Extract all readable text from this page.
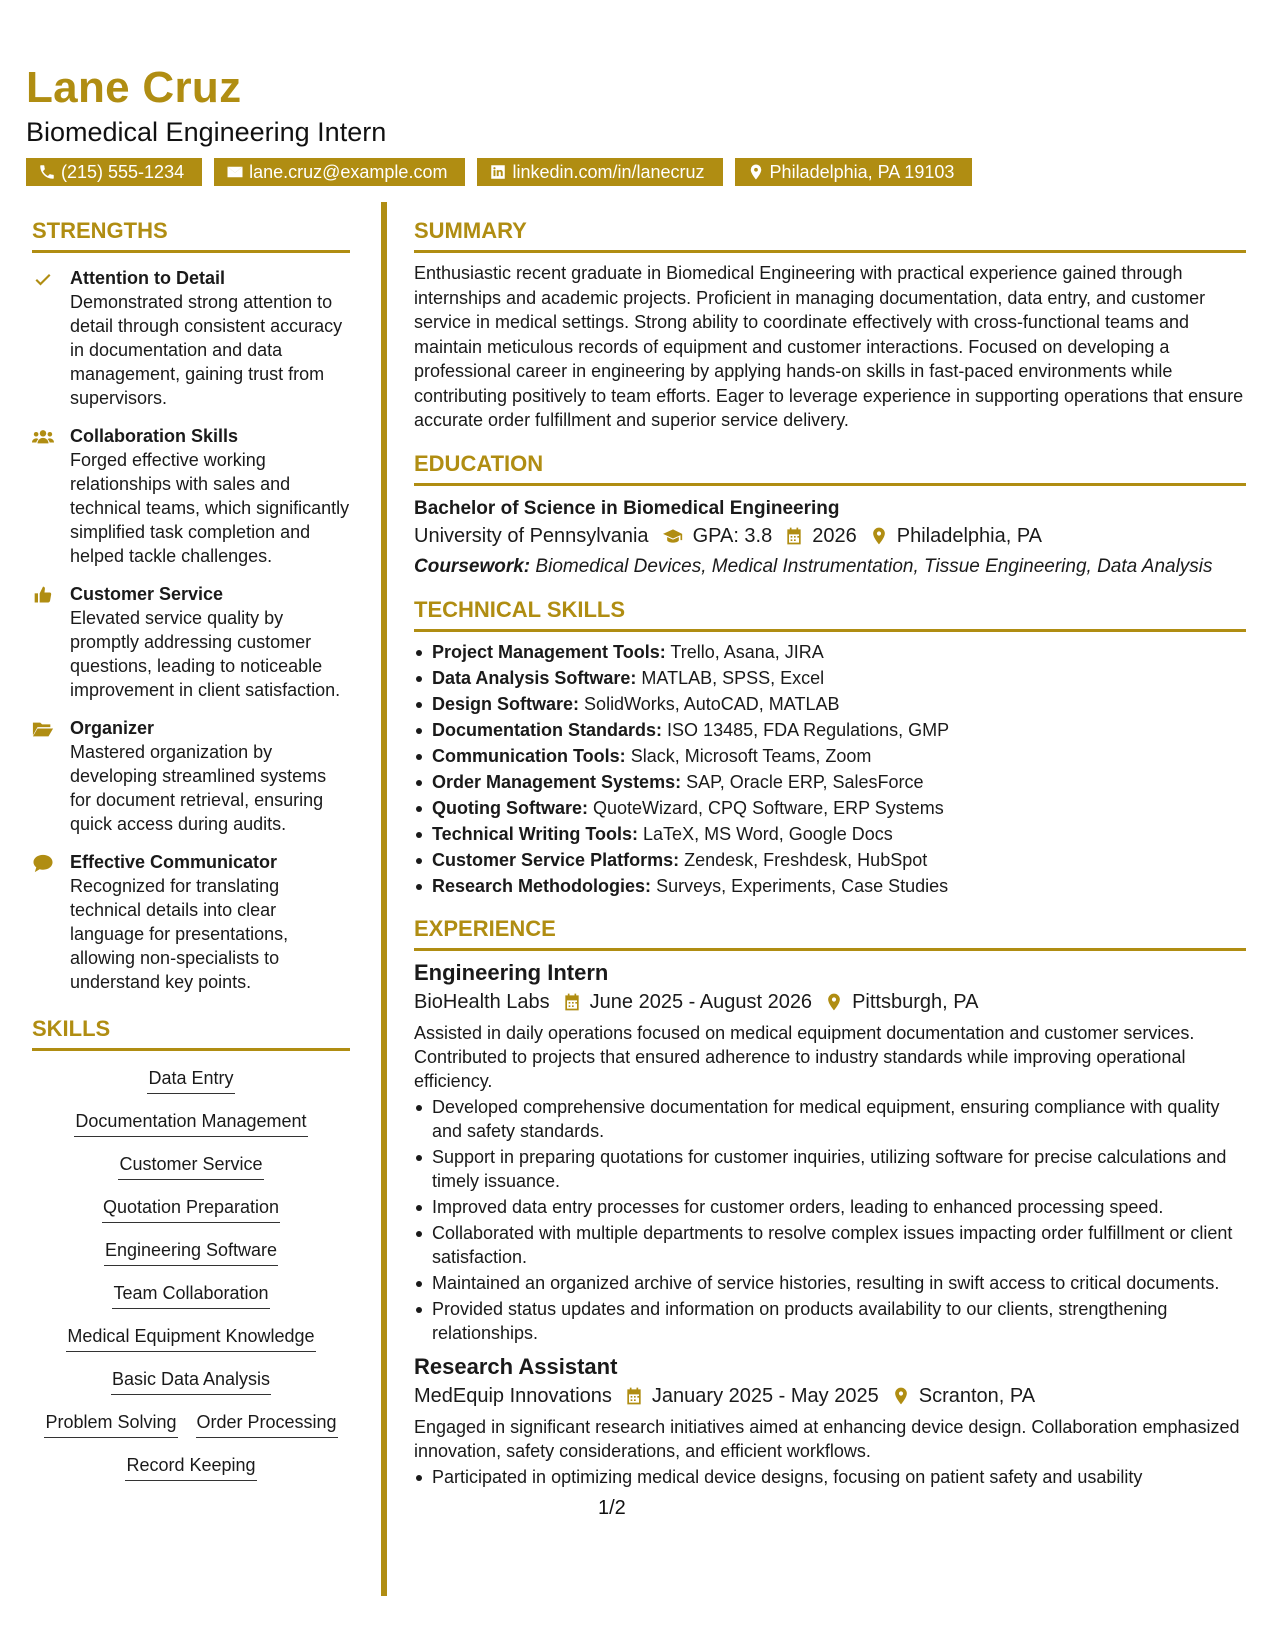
Lane Cruz
Biomedical Engineering Intern
(215) 555-1234	lane.cruz@example.com	linkedin.com/in/lanecruz	Philadelphia, PA 19103
STRENGTHS
Attention to Detail
Demonstrated strong attention to detail through consistent accuracy in documentation and data management, gaining trust from supervisors.
Collaboration Skills
Forged effective working relationships with sales and technical teams, which significantly simplified task completion and helped tackle challenges.
Customer Service
Elevated service quality by promptly addressing customer questions, leading to noticeable improvement in client satisfaction.
Organizer
Mastered organization by developing streamlined systems for document retrieval, ensuring quick access during audits.
Effective Communicator
Recognized for translating technical details into clear language for presentations, allowing non-specialists to understand key points.
SKILLS
Data Entry
Documentation Management
Customer Service
Quotation Preparation
Engineering Software
Team Collaboration
Medical Equipment Knowledge
Basic Data Analysis
Problem Solving Order Processing
Record Keeping
SUMMARY
Enthusiastic recent graduate in Biomedical Engineering with practical experience gained through internships and academic projects. Proficient in managing documentation, data entry, and customer service in medical settings. Strong ability to coordinate effectively with cross-functional teams and maintain meticulous records of equipment and customer interactions. Focused on developing a professional career in engineering by applying hands-on skills in fast-paced environments while contributing positively to team efforts. Eager to leverage experience in supporting operations that ensure accurate order fulfillment and superior service delivery.
EDUCATION
Bachelor of Science in Biomedical Engineering
University of Pennsylvania GPA: 3.8 2026 Philadelphia, PA
Coursework: Biomedical Devices, Medical Instrumentation, Tissue Engineering, Data Analysis
TECHNICAL SKILLS
Project Management Tools: Trello, Asana, JIRA
Data Analysis Software: MATLAB, SPSS, Excel
Design Software: SolidWorks, AutoCAD, MATLAB
Documentation Standards: ISO 13485, FDA Regulations, GMP
Communication Tools: Slack, Microsoft Teams, Zoom
Order Management Systems: SAP, Oracle ERP, SalesForce
Quoting Software: QuoteWizard, CPQ Software, ERP Systems
Technical Writing Tools: LaTeX, MS Word, Google Docs
Customer Service Platforms: Zendesk, Freshdesk, HubSpot
Research Methodologies: Surveys, Experiments, Case Studies
EXPERIENCE
Engineering Intern
BioHealth Labs June 2025 - August 2026 Pittsburgh, PA
Assisted in daily operations focused on medical equipment documentation and customer services. Contributed to projects that ensured adherence to industry standards while improving operational efficiency.
Developed comprehensive documentation for medical equipment, ensuring compliance with quality and safety standards.
Support in preparing quotations for customer inquiries, utilizing software for precise calculations and timely issuance.
Improved data entry processes for customer orders, leading to enhanced processing speed.
Collaborated with multiple departments to resolve complex issues impacting order fulfillment or client satisfaction.
Maintained an organized archive of service histories, resulting in swift access to critical documents.
Provided status updates and information on products availability to our clients, strengthening relationships.
Research Assistant
MedEquip Innovations January 2025 - May 2025 Scranton, PA
Engaged in significant research initiatives aimed at enhancing device design. Collaboration emphasized innovation, safety considerations, and efficient workflows.
Participated in optimizing medical device designs, focusing on patient safety and usability
1/2
